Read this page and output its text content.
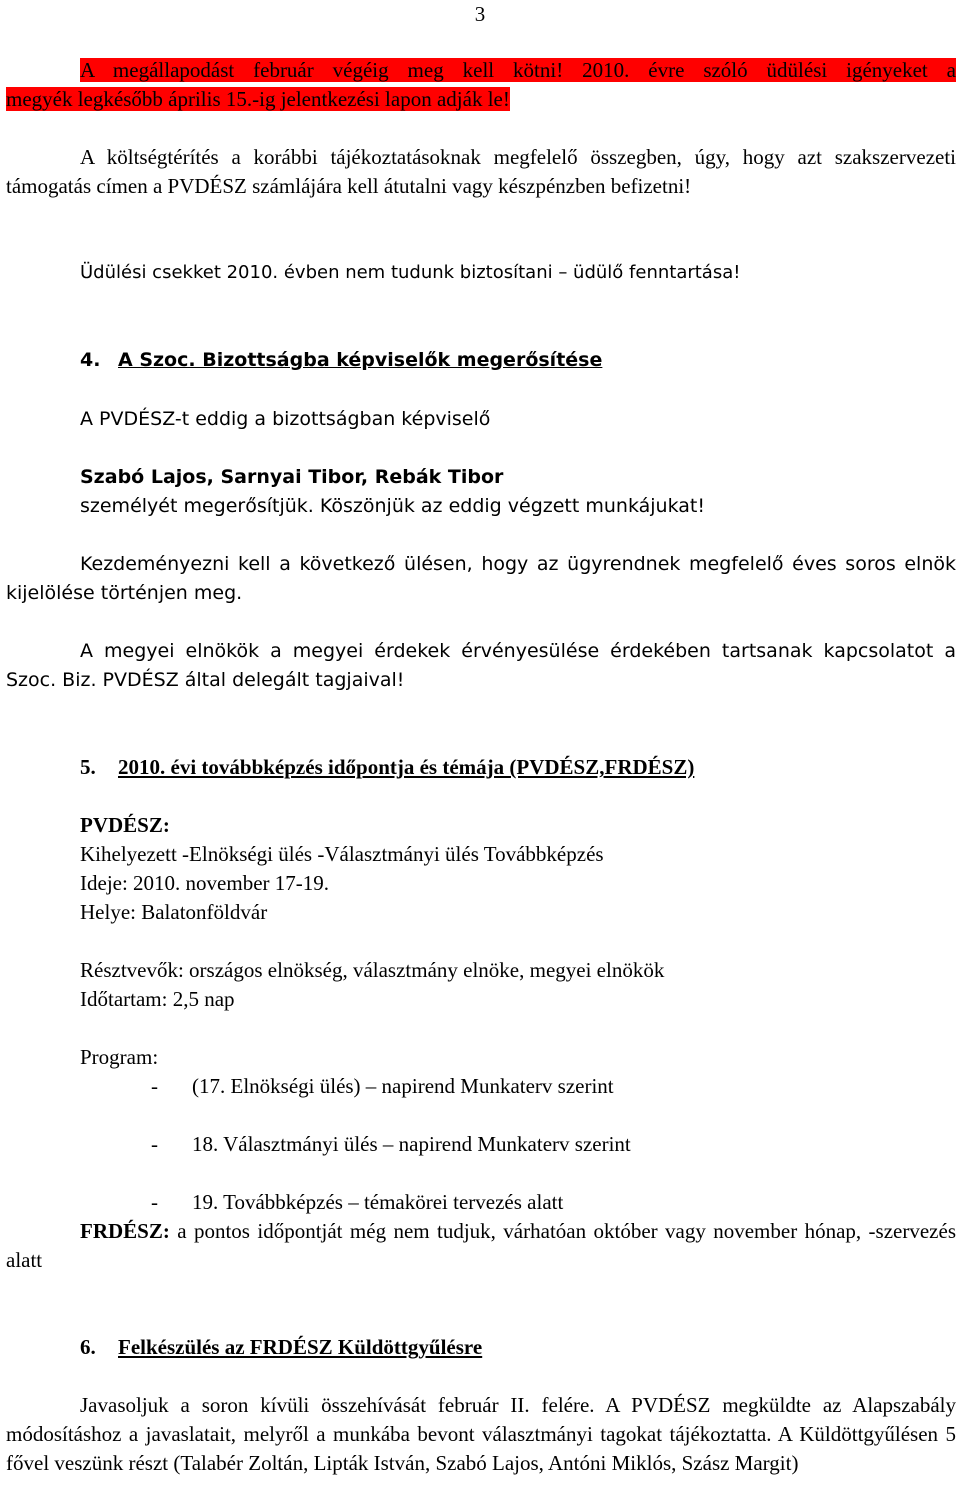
3
A megállapodást február végéig meg kell kötni! 2010. évre szóló üdülési igényeket a
megyék legkésőbb április 15.-ig jelentkezési lapon adják le!

A költségtérítés a korábbi tájékoztatásoknak megfelelő összegben, úgy, hogy azt szakszervezeti támogatás címen a PVDÉSZ számlájára kell átutalni vagy készpénzben befizetni!

Üdülési csekket 2010. évben nem tudunk biztosítani – üdülő fenntartása!

4. A Szoc. Bizottságba képviselők megerősítése

A PVDÉSZ-t eddig a bizottságban képviselő

Szabó Lajos, Sarnyai Tibor, Rebák Tibor

személyét megerősítjük. Köszönjük az eddig végzett munkájukat!

Kezdeményezni kell a következő ülésen, hogy az ügyrendnek megfelelő éves soros elnök kijelölése történjen meg.

A megyei elnökök a megyei érdekek érvényesülése érdekében tartsanak kapcsolatot a Szoc. Biz. PVDÉSZ által delegált tagjaival!

5. 2010. évi továbbképzés időpontja és témája (PVDÉSZ,FRDÉSZ)

PVDÉSZ:

Kihelyezett -Elnökségi ülés -Választmányi ülés Továbbképzés

Ideje: 2010. november 17-19.

Helye: Balatonföldvár

Résztvevők: országos elnökség, választmány elnöke, megyei elnökök

Időtartam: 2,5 nap

Program:

- (17. Elnökségi ülés) – napirend Munkaterv szerint
- 18. Választmányi ülés – napirend Munkaterv szerint
- 19. Továbbképzés – témakörei tervezés alatt

FRDÉSZ: a pontos időpontját még nem tudjuk, várhatóan október vagy november hónap, -szervezés alatt

6. Felkészülés az FRDÉSZ Küldöttgyűlésre

Javasoljuk a soron kívüli összehívását február II. felére. A PVDÉSZ megküldte az Alapszabály módosításhoz a javaslatait, melyről a munkába bevont választmányi tagokat tájékoztatta. A Küldöttgyűlésen 5 fővel veszünk részt (Talabér Zoltán, Lipták István, Szabó Lajos, Antóni Miklós, Szász Margit)
